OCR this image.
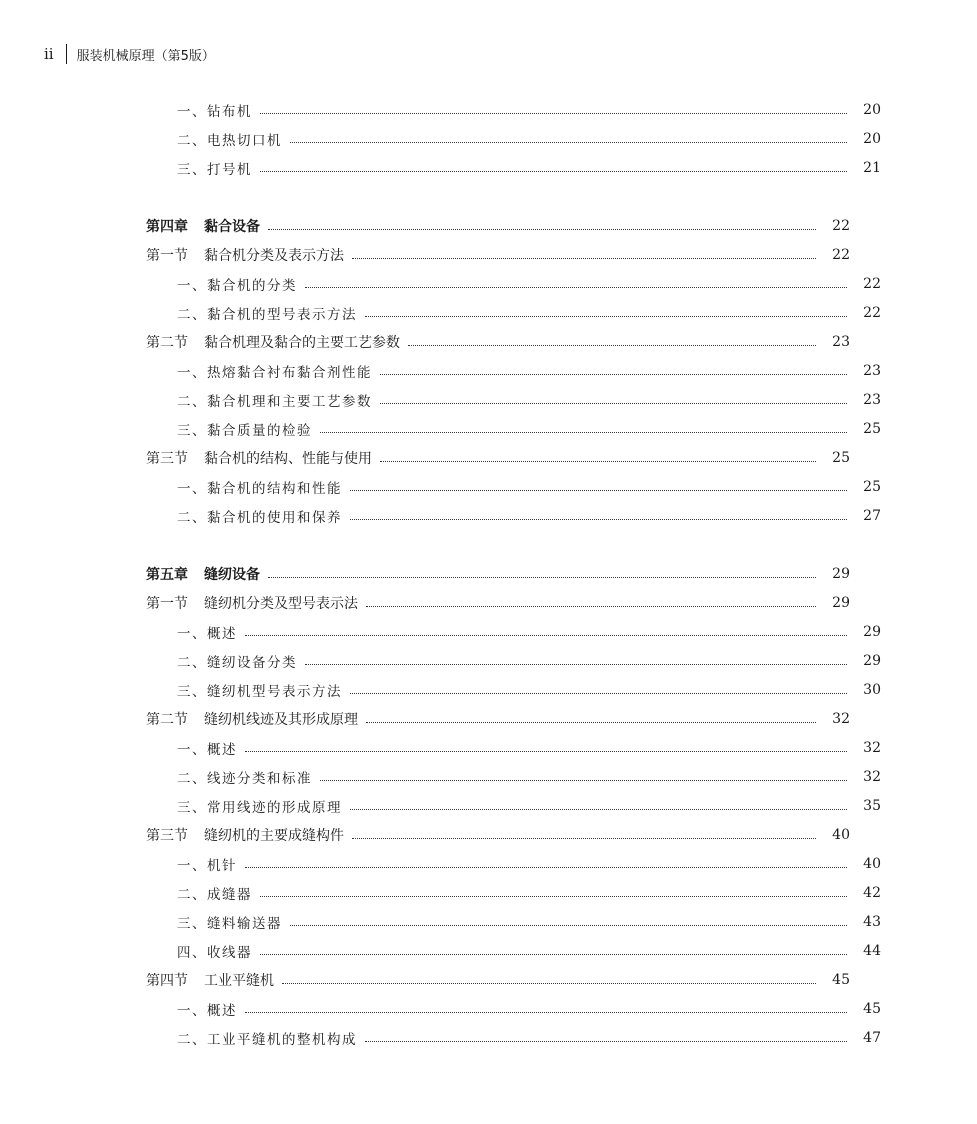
ii 服装机械原理（第5版）
一、钻布机	20
二、电热切口机	20
三、打号机	21
第四章 黏合设备	22
第一节 黏合机分类及表示方法	22
一、黏合机的分类	22
二、黏合机的型号表示方法	22
第二节 黏合机理及黏合的主要工艺参数	23
一、热熔黏合衬布黏合剂性能	23
二、黏合机理和主要工艺参数	23
三、黏合质量的检验	25
第三节 黏合机的结构、性能与使用	25
一、黏合机的结构和性能	25
二、黏合机的使用和保养	27
第五章 缝纫设备	29
第一节 缝纫机分类及型号表示法	29
一、概述	29
二、缝纫设备分类	29
三、缝纫机型号表示方法	30
第二节 缝纫机线迹及其形成原理	32
一、概述	32
二、线迹分类和标准	32
三、常用线迹的形成原理	35
第三节 缝纫机的主要成缝构件	40
一、机针	40
二、成缝器	42
三、缝料输送器	43
四、收线器	44
第四节 工业平缝机	45
一、概述	45
二、工业平缝机的整机构成	47
